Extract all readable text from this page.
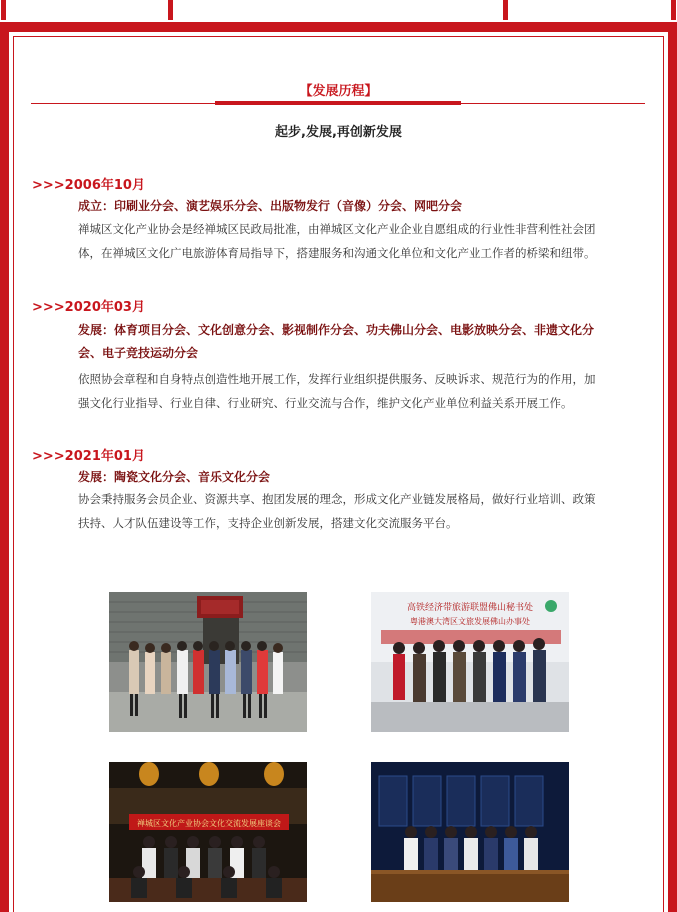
【发展历程】
起步,发展,再创新发展
>>>2006年10月
成立：印刷业分会、演艺娱乐分会、出版物发行（音像）分会、网吧分会
禅城区文化产业协会是经禅城区民政局批准，由禅城区文化产业企业自愿组成的行业性非营利性社会团体，在禅城区文化广电旅游体育局指导下，搭建服务和沟通文化单位和文化产业工作者的桥梁和纽带。
>>>2020年03月
发展：体育项目分会、文化创意分会、影视制作分会、功夫佛山分会、电影放映分会、非遗文化分会、电子竞技运动分会
依照协会章程和自身特点创造性地开展工作，发挥行业组织提供服务、反映诉求、规范行为的作用，加强文化行业指导、行业自律、行业研究、行业交流与合作，维护文化产业单位利益关系开展工作。
>>>2021年01月
发展：陶瓷文化分会、音乐文化分会
协会秉持服务会员企业、资源共享、抱团发展的理念，形成文化产业链发展格局，做好行业培训、政策扶持、人才队伍建设等工作，支持企业创新发展，搭建文化交流服务平台。
高铁经济带旅游联盟佛山秘书处
粤港澳大湾区文旅发展佛山办事处
禅城区文化产业协会文化交流发展座谈会
